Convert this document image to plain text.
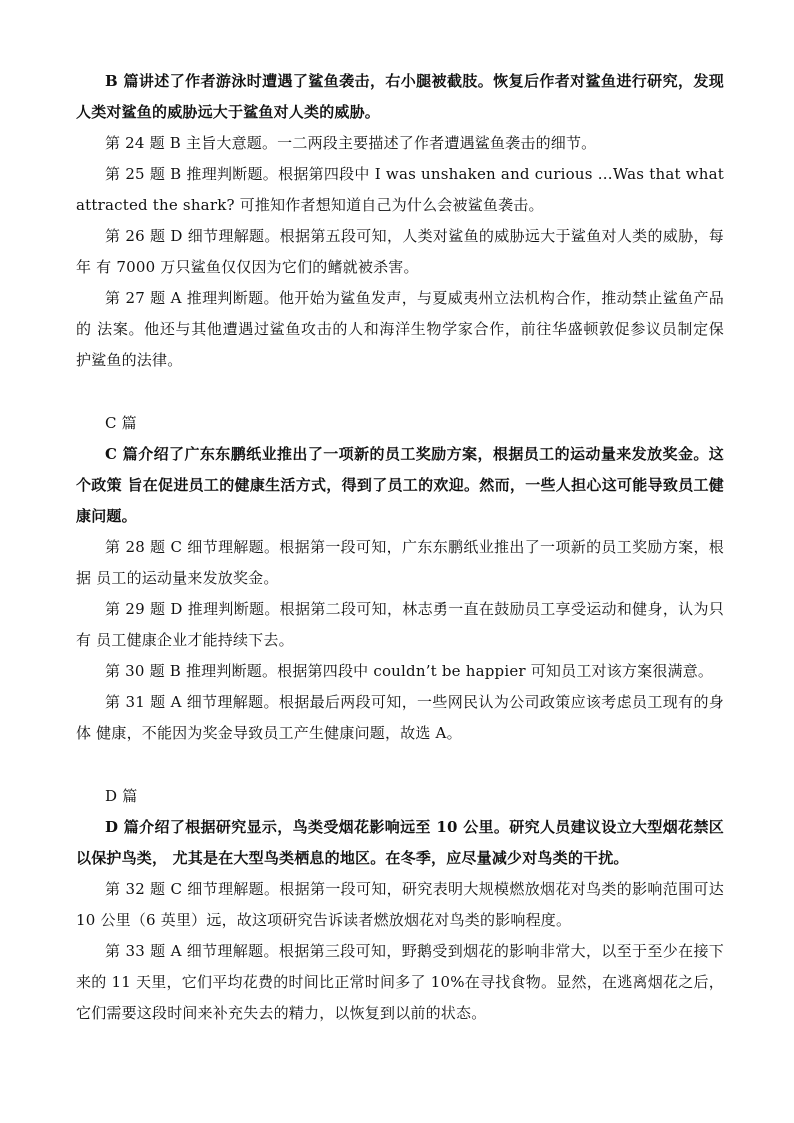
B 篇讲述了作者游泳时遭遇了鲨鱼袭击，右小腿被截肢。恢复后作者对鲨鱼进行研究，发现人类对鲨鱼的威胁远大于鲨鱼对人类的威胁。

第 24 题 B 主旨大意题。一二两段主要描述了作者遭遇鲨鱼袭击的细节。

第 25 题 B 推理判断题。根据第四段中 I was unshaken and curious …Was that what attracted the shark? 可推知作者想知道自己为什么会被鲨鱼袭击。

第 26 题 D 细节理解题。根据第五段可知，人类对鲨鱼的威胁远大于鲨鱼对人类的威胁，每年 有 7000 万只鲨鱼仅仅因为它们的鳍就被杀害。

第 27 题 A 推理判断题。他开始为鲨鱼发声，与夏威夷州立法机构合作，推动禁止鲨鱼产品的 法案。他还与其他遭遇过鲨鱼攻击的人和海洋生物学家合作，前往华盛顿敦促参议员制定保 护鲨鱼的法律。

C 篇

C 篇介绍了广东东鹏纸业推出了一项新的员工奖励方案，根据员工的运动量来发放奖金。这个政策 旨在促进员工的健康生活方式，得到了员工的欢迎。然而，一些人担心这可能导致员工健康问题。

第 28 题 C 细节理解题。根据第一段可知，广东东鹏纸业推出了一项新的员工奖励方案，根据 员工的运动量来发放奖金。

第 29 题 D 推理判断题。根据第二段可知，林志勇一直在鼓励员工享受运动和健身，认为只有 员工健康企业才能持续下去。

第 30 题 B 推理判断题。根据第四段中 couldn’t be happier 可知员工对该方案很满意。

第 31 题 A 细节理解题。根据最后两段可知，一些网民认为公司政策应该考虑员工现有的身体 健康，不能因为奖金导致员工产生健康问题，故选 A。

D 篇

D 篇介绍了根据研究显示，鸟类受烟花影响远至 10 公里。研究人员建议设立大型烟花禁区以保护鸟类， 尤其是在大型鸟类栖息的地区。在冬季，应尽量减少对鸟类的干扰。

第 32 题 C 细节理解题。根据第一段可知，研究表明大规模燃放烟花对鸟类的影响范围可达 10 公里（6 英里）远，故这项研究告诉读者燃放烟花对鸟类的影响程度。

第 33 题 A 细节理解题。根据第三段可知，野鹅受到烟花的影响非常大，以至于至少在接下来的 11 天里，它们平均花费的时间比正常时间多了 10%在寻找食物。显然，在逃离烟花之后， 它们需要这段时间来补充失去的精力，以恢复到以前的状态。
